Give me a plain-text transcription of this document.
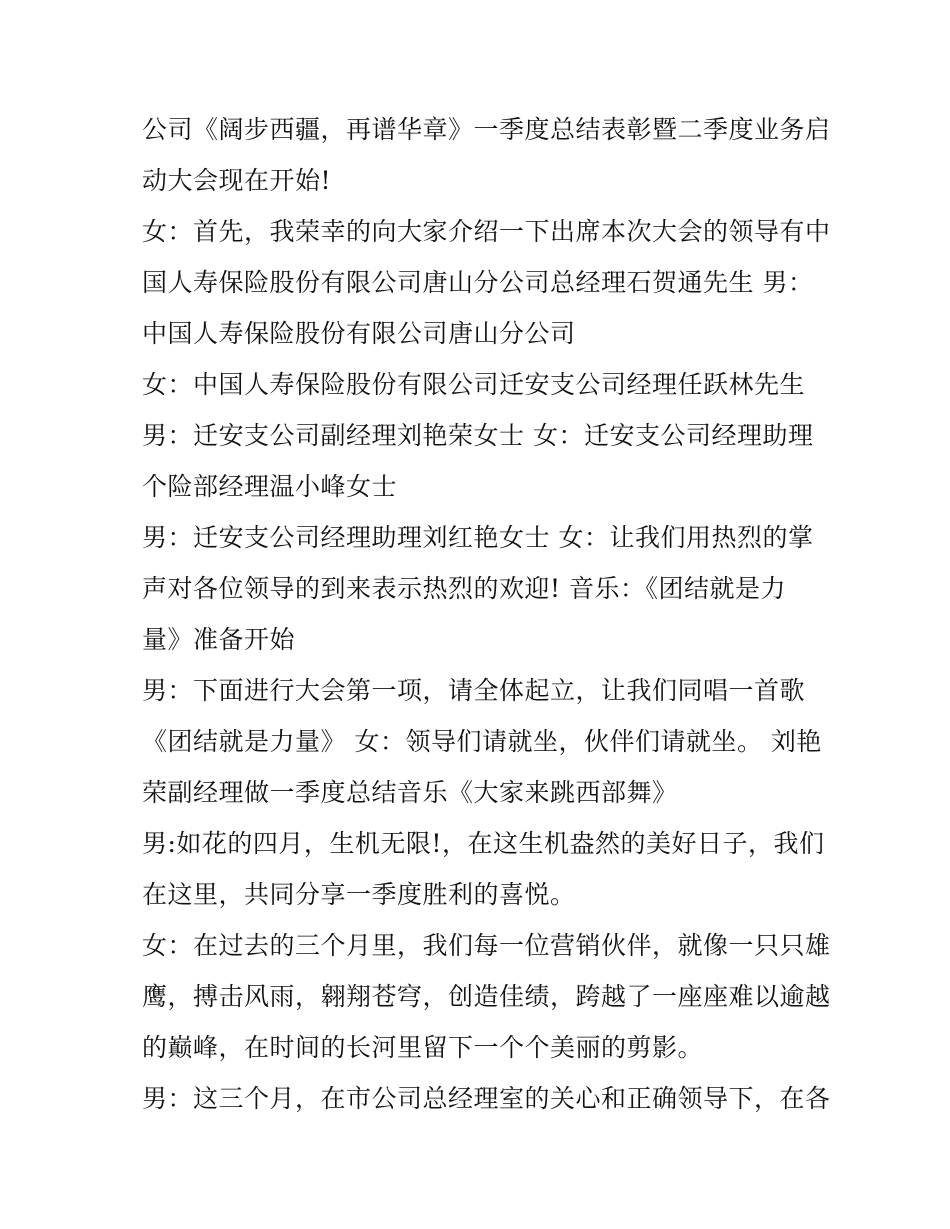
公司《阔步西疆，再谱华章》一季度总结表彰暨二季度业务启
动大会现在开始!
女：首先，我荣幸的向大家介绍一下出席本次大会的领导有中
国人寿保险股份有限公司唐山分公司总经理石贺通先生 男：
中国人寿保险股份有限公司唐山分公司
女：中国人寿保险股份有限公司迁安支公司经理任跃林先生
男：迁安支公司副经理刘艳荣女士 女：迁安支公司经理助理
个险部经理温小峰女士
男：迁安支公司经理助理刘红艳女士 女：让我们用热烈的掌
声对各位领导的到来表示热烈的欢迎! 音乐：《团结就是力
量》准备开始
男：下面进行大会第一项，请全体起立，让我们同唱一首歌
《团结就是力量》 女：领导们请就坐，伙伴们请就坐。 刘艳
荣副经理做一季度总结音乐《大家来跳西部舞》
男:如花的四月，生机无限!，在这生机盎然的美好日子，我们
在这里，共同分享一季度胜利的喜悦。
女：在过去的三个月里，我们每一位营销伙伴，就像一只只雄
鹰，搏击风雨，翱翔苍穹，创造佳绩，跨越了一座座难以逾越
的巅峰，在时间的长河里留下一个个美丽的剪影。
男：这三个月，在市公司总经理室的关心和正确领导下，在各
